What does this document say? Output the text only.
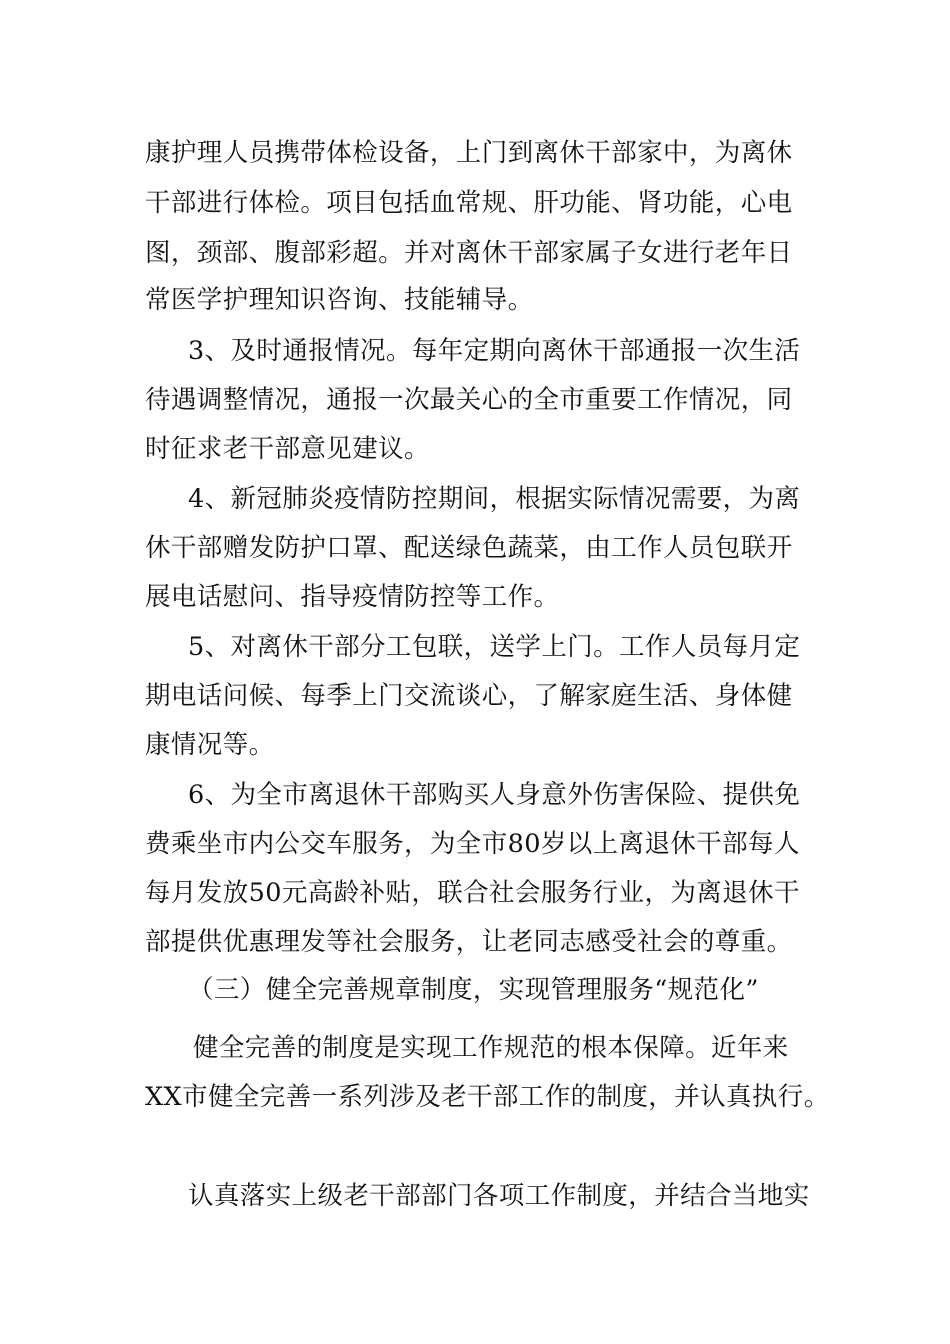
康护理人员携带体检设备，上门到离休干部家中，为离休
干部进行体检。项目包括血常规、肝功能、肾功能，心电
图，颈部、腹部彩超。并对离休干部家属子女进行老年日
常医学护理知识咨询、技能辅导。
3、及时通报情况。每年定期向离休干部通报一次生活
待遇调整情况，通报一次最关心的全市重要工作情况，同
时征求老干部意见建议。
4、新冠肺炎疫情防控期间，根据实际情况需要，为离
休干部赠发防护口罩、配送绿色蔬菜，由工作人员包联开
展电话慰问、指导疫情防控等工作。
5、对离休干部分工包联，送学上门。工作人员每月定
期电话问候、每季上门交流谈心，了解家庭生活、身体健
康情况等。
6、为全市离退休干部购买人身意外伤害保险、提供免
费乘坐市内公交车服务，为全市80岁以上离退休干部每人
每月发放50元高龄补贴，联合社会服务行业，为离退休干
部提供优惠理发等社会服务，让老同志感受社会的尊重。
（三）健全完善规章制度，实现管理服务“规范化”
健全完善的制度是实现工作规范的根本保障。近年来
XX市健全完善一系列涉及老干部工作的制度，并认真执行。
认真落实上级老干部部门各项工作制度，并结合当地实
